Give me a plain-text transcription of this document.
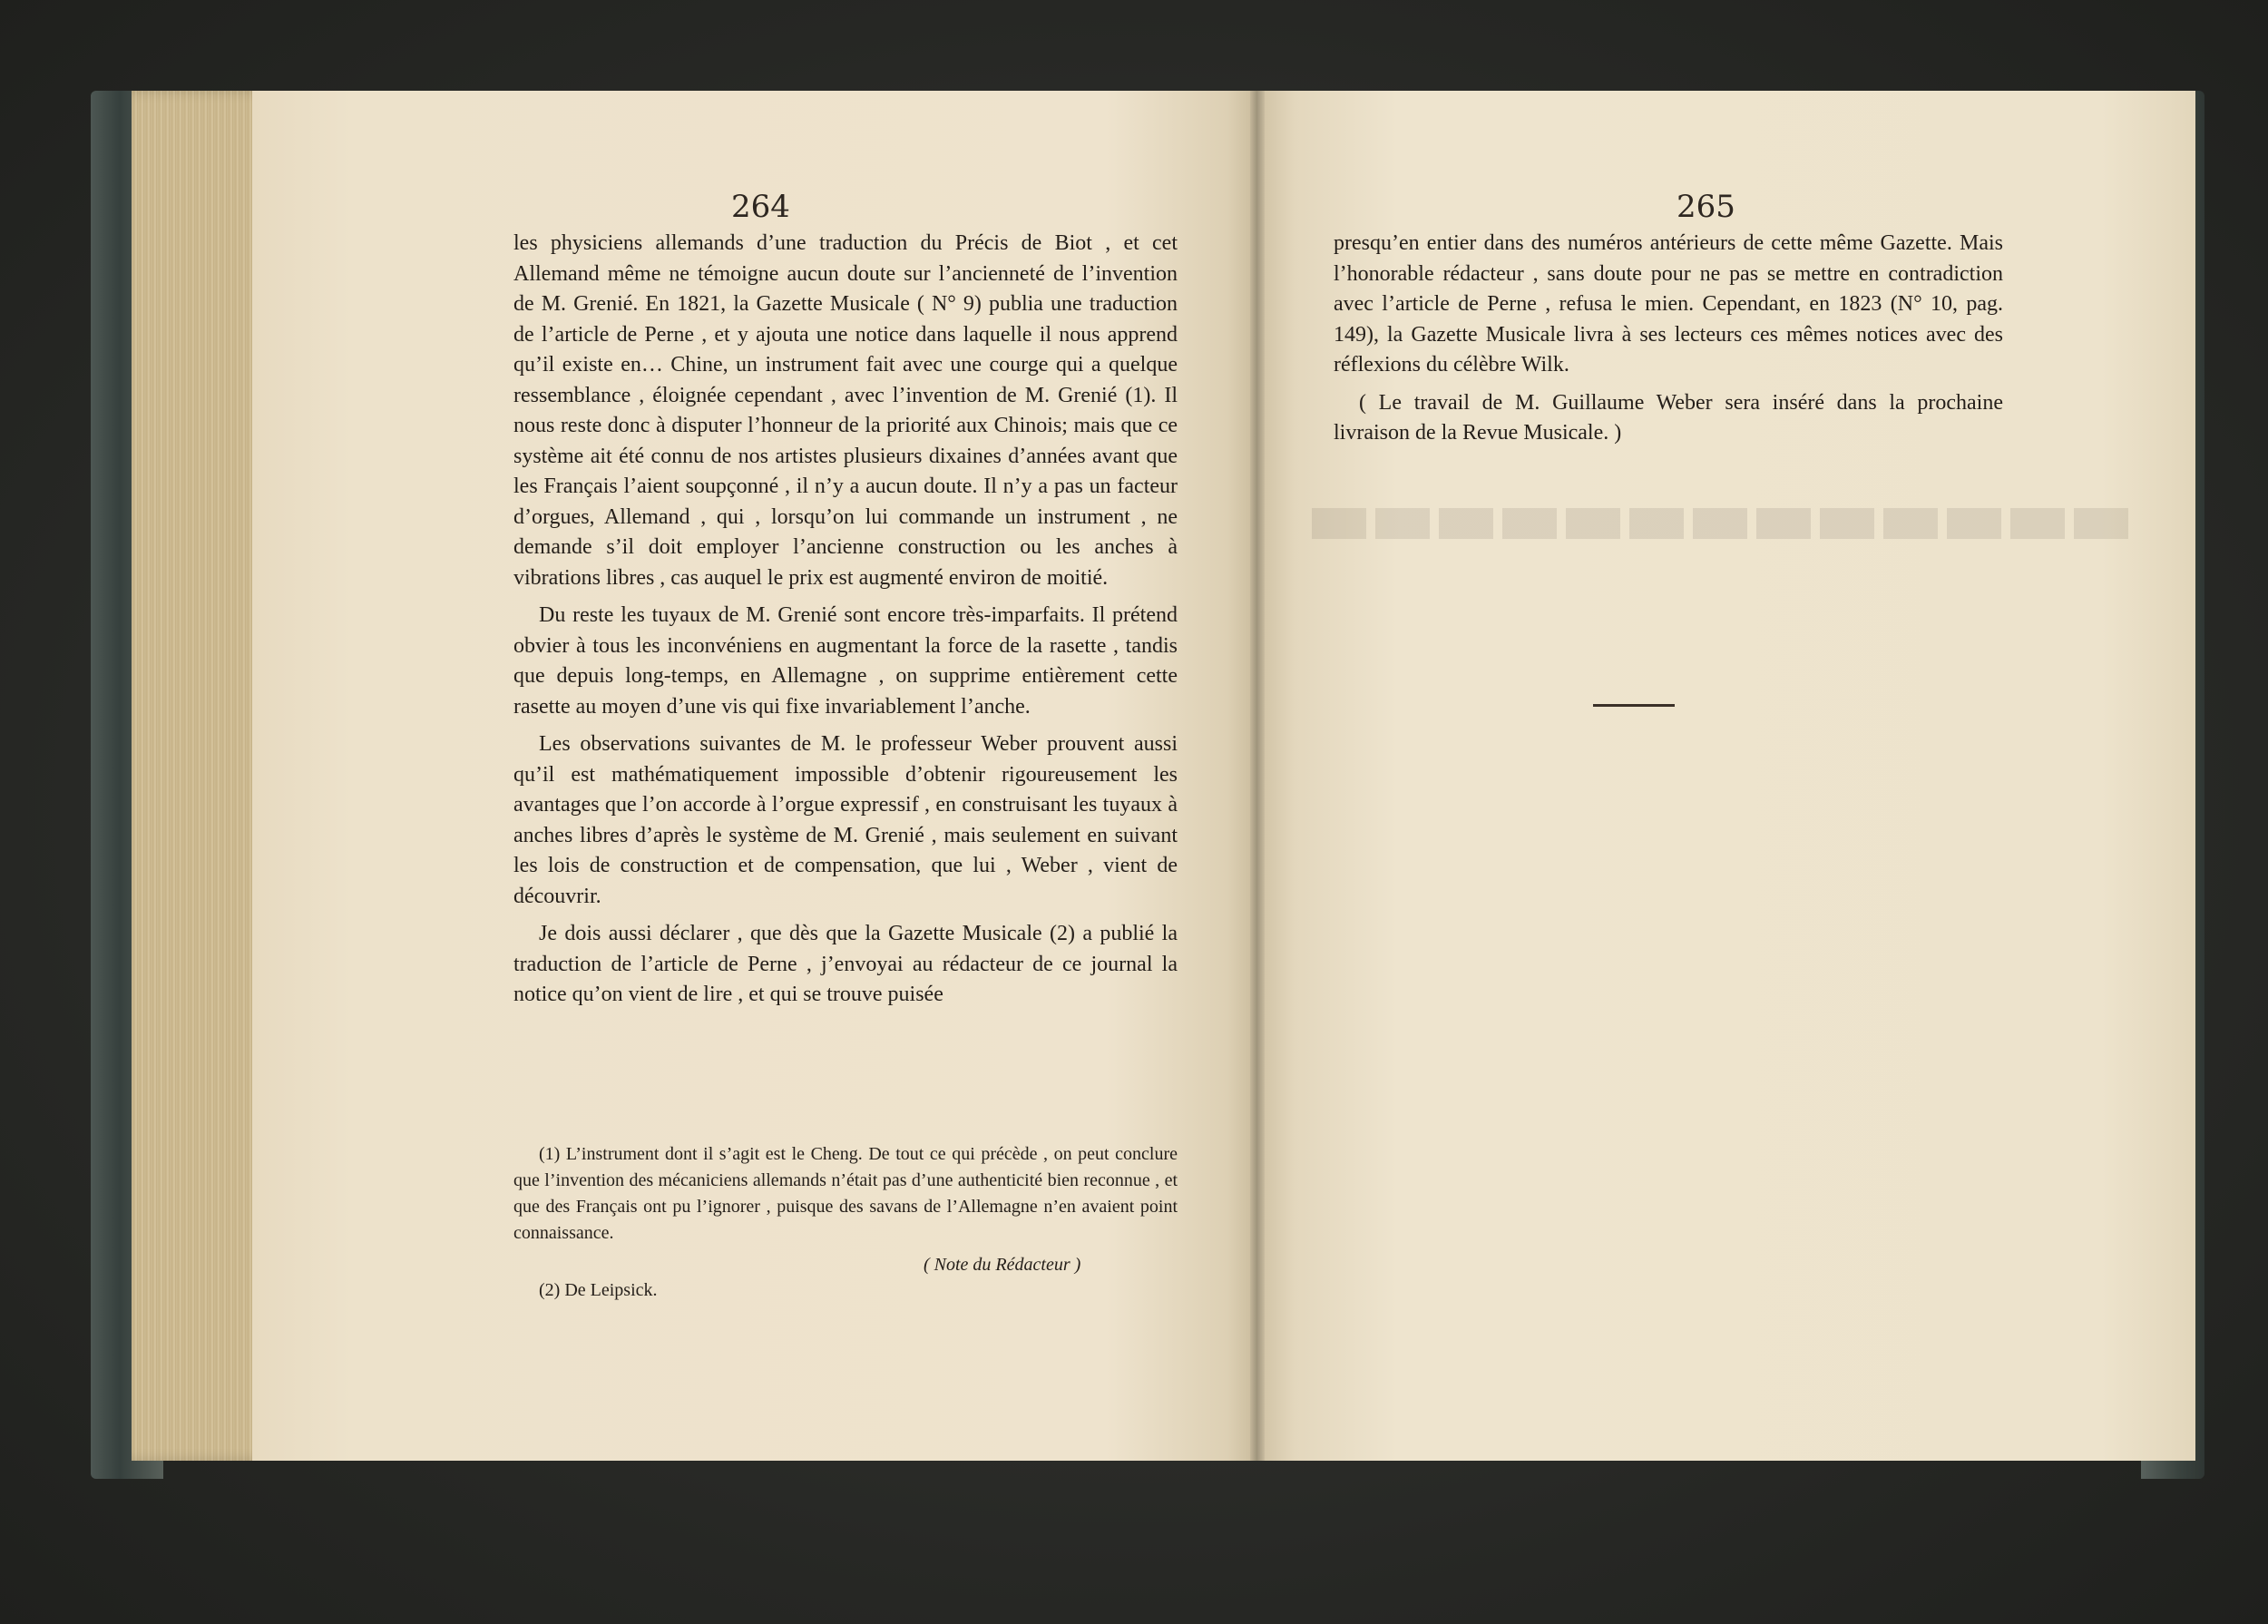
264

les physiciens allemands d’une traduction du Précis de Biot , et cet Allemand même ne témoigne aucun doute sur l’ancienneté de l’invention de M. Grenié. En 1821, la Gazette Musicale ( N° 9) publia une traduction de l’article de Perne , et y ajouta une notice dans laquelle il nous apprend qu’il existe en… Chine, un instrument fait avec une courge qui a quelque ressemblance , éloignée cependant , avec l’invention de M. Grenié (1). Il nous reste donc à disputer l’honneur de la priorité aux Chinois; mais que ce système ait été connu de nos artistes plusieurs dixaines d’années avant que les Français l’aient soupçonné , il n’y a aucun doute. Il n’y a pas un facteur d’orgues, Allemand , qui , lorsqu’on lui commande un instrument , ne demande s’il doit employer l’ancienne construction ou les anches à vibrations libres , cas auquel le prix est augmenté environ de moitié.

Du reste les tuyaux de M. Grenié sont encore très-imparfaits. Il prétend obvier à tous les inconvéniens en augmentant la force de la rasette , tandis que depuis long-temps, en Allemagne , on supprime entièrement cette rasette au moyen d’une vis qui fixe invariablement l’anche.

Les observations suivantes de M. le professeur Weber prouvent aussi qu’il est mathématiquement impossible d’obtenir rigoureusement les avantages que l’on accorde à l’orgue expressif , en construisant les tuyaux à anches libres d’après le système de M. Grenié , mais seulement en suivant les lois de construction et de compensation, que lui , Weber , vient de découvrir.

Je dois aussi déclarer , que dès que la Gazette Musicale (2) a publié la traduction de l’article de Perne , j’envoyai au rédacteur de ce journal la notice qu’on vient de lire , et qui se trouve puisée

(1) L’instrument dont il s’agit est le Cheng. De tout ce qui précède , on peut conclure que l’invention des mécaniciens allemands n’était pas d’une authenticité bien reconnue , et que des Français ont pu l’ignorer , puisque des savans de l’Allemagne n’en avaient point connaissance.
( Note du Rédacteur )
(2) De Leipsick.
265

presqu’en entier dans des numéros antérieurs de cette même Gazette. Mais l’honorable rédacteur , sans doute pour ne pas se mettre en contradiction avec l’article de Perne , refusa le mien. Cependant, en 1823 (N° 10, pag. 149), la Gazette Musicale livra à ses lecteurs ces mêmes notices avec des réflexions du célèbre Wilk.

( Le travail de M. Guillaume Weber sera inséré dans la prochaine livraison de la Revue Musicale. )
